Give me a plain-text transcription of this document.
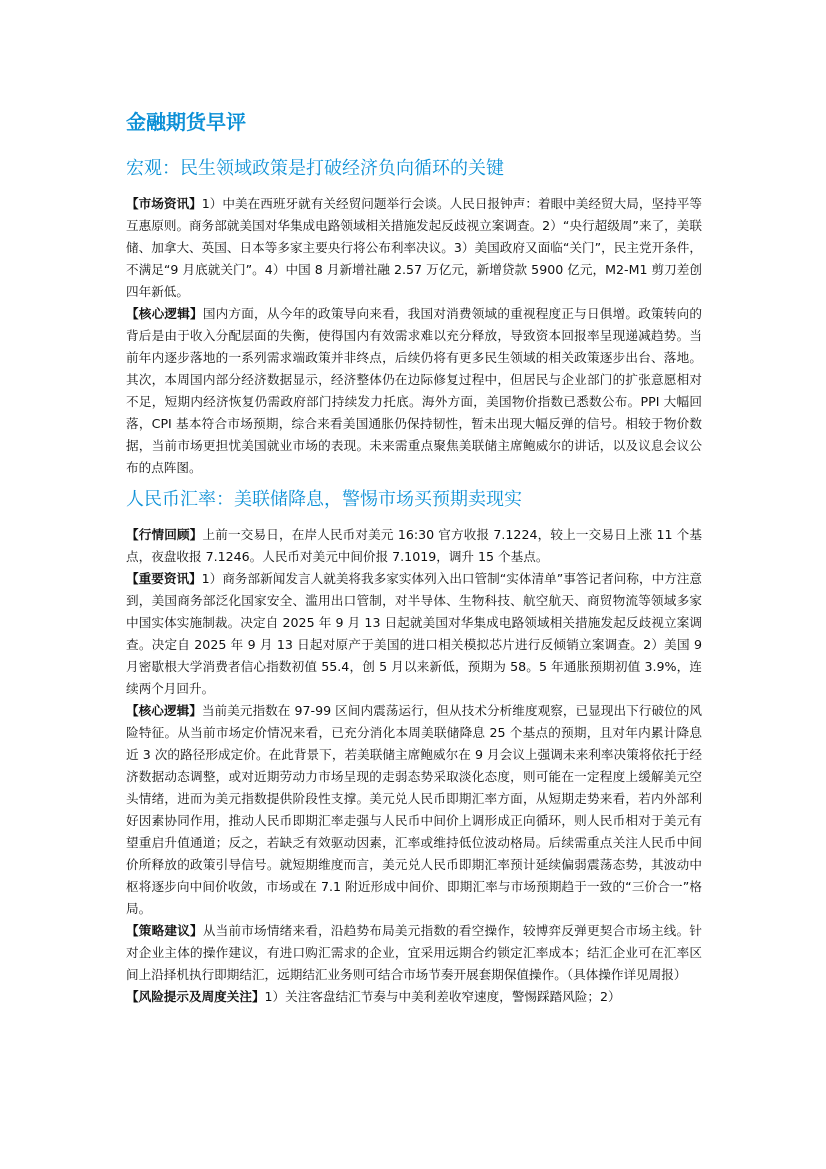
金融期货早评
宏观：民生领域政策是打破经济负向循环的关键

【市场资讯】1）中美在西班牙就有关经贸问题举行会谈。人民日报钟声：着眼中美经贸大局，坚持平等互惠原则。商务部就美国对华集成电路领域相关措施发起反歧视立案调查。2）“央行超级周”来了，美联储、加拿大、英国、日本等多家主要央行将公布利率决议。3）美国政府又面临“关门”，民主党开条件，不满足“9 月底就关门”。4）中国 8 月新增社融 2.57 万亿元，新增贷款 5900 亿元，M2-M1 剪刀差创四年新低。

【核心逻辑】国内方面，从今年的政策导向来看，我国对消费领域的重视程度正与日俱增。政策转向的背后是由于收入分配层面的失衡，使得国内有效需求难以充分释放，导致资本回报率呈现递减趋势。当前年内逐步落地的一系列需求端政策并非终点，后续仍将有更多民生领域的相关政策逐步出台、落地。其次，本周国内部分经济数据显示，经济整体仍在边际修复过程中，但居民与企业部门的扩张意愿相对不足，短期内经济恢复仍需政府部门持续发力托底。海外方面，美国物价指数已悉数公布。PPI 大幅回落，CPI 基本符合市场预期，综合来看美国通胀仍保持韧性，暂未出现大幅反弹的信号。相较于物价数据，当前市场更担忧美国就业市场的表现。未来需重点聚焦美联储主席鲍威尔的讲话，以及议息会议公布的点阵图。

人民币汇率：美联储降息，警惕市场买预期卖现实

【行情回顾】上前一交易日，在岸人民币对美元 16:30 官方收报 7.1224，较上一交易日上涨 11 个基点，夜盘收报 7.1246。人民币对美元中间价报 7.1019，调升 15 个基点。

【重要资讯】1）商务部新闻发言人就美将我多家实体列入出口管制“实体清单”事答记者问称，中方注意到，美国商务部泛化国家安全、滥用出口管制，对半导体、生物科技、航空航天、商贸物流等领域多家中国实体实施制裁。决定自 2025 年 9 月 13 日起就美国对华集成电路领域相关措施发起反歧视立案调查。决定自 2025 年 9 月 13 日起对原产于美国的进口相关模拟芯片进行反倾销立案调查。2）美国 9 月密歇根大学消费者信心指数初值 55.4，创 5 月以来新低，预期为 58。5 年通胀预期初值 3.9%，连续两个月回升。

【核心逻辑】当前美元指数在 97-99 区间内震荡运行，但从技术分析维度观察，已显现出下行破位的风险特征。从当前市场定价情况来看，已充分消化本周美联储降息 25 个基点的预期，且对年内累计降息近 3 次的路径形成定价。在此背景下，若美联储主席鲍威尔在 9 月会议上强调未来利率决策将依托于经济数据动态调整，或对近期劳动力市场呈现的走弱态势采取淡化态度，则可能在一定程度上缓解美元空头情绪，进而为美元指数提供阶段性支撑。美元兑人民币即期汇率方面，从短期走势来看，若内外部利好因素协同作用，推动人民币即期汇率走强与人民币中间价上调形成正向循环，则人民币相对于美元有望重启升值通道；反之，若缺乏有效驱动因素，汇率或维持低位波动格局。后续需重点关注人民币中间价所释放的政策引导信号。就短期维度而言，美元兑人民币即期汇率预计延续偏弱震荡态势，其波动中枢将逐步向中间价收敛，市场或在 7.1 附近形成中间价、即期汇率与市场预期趋于一致的“三价合一”格局。

【策略建议】从当前市场情绪来看，沿趋势布局美元指数的看空操作，较博弈反弹更契合市场主线。针对企业主体的操作建议，有进口购汇需求的企业，宜采用远期合约锁定汇率成本；结汇企业可在汇率区间上沿择机执行即期结汇，远期结汇业务则可结合市场节奏开展套期保值操作。（具体操作详见周报）

【风险提示及周度关注】1）关注客盘结汇节奏与中美利差收窄速度，警惕踩踏风险；2）
